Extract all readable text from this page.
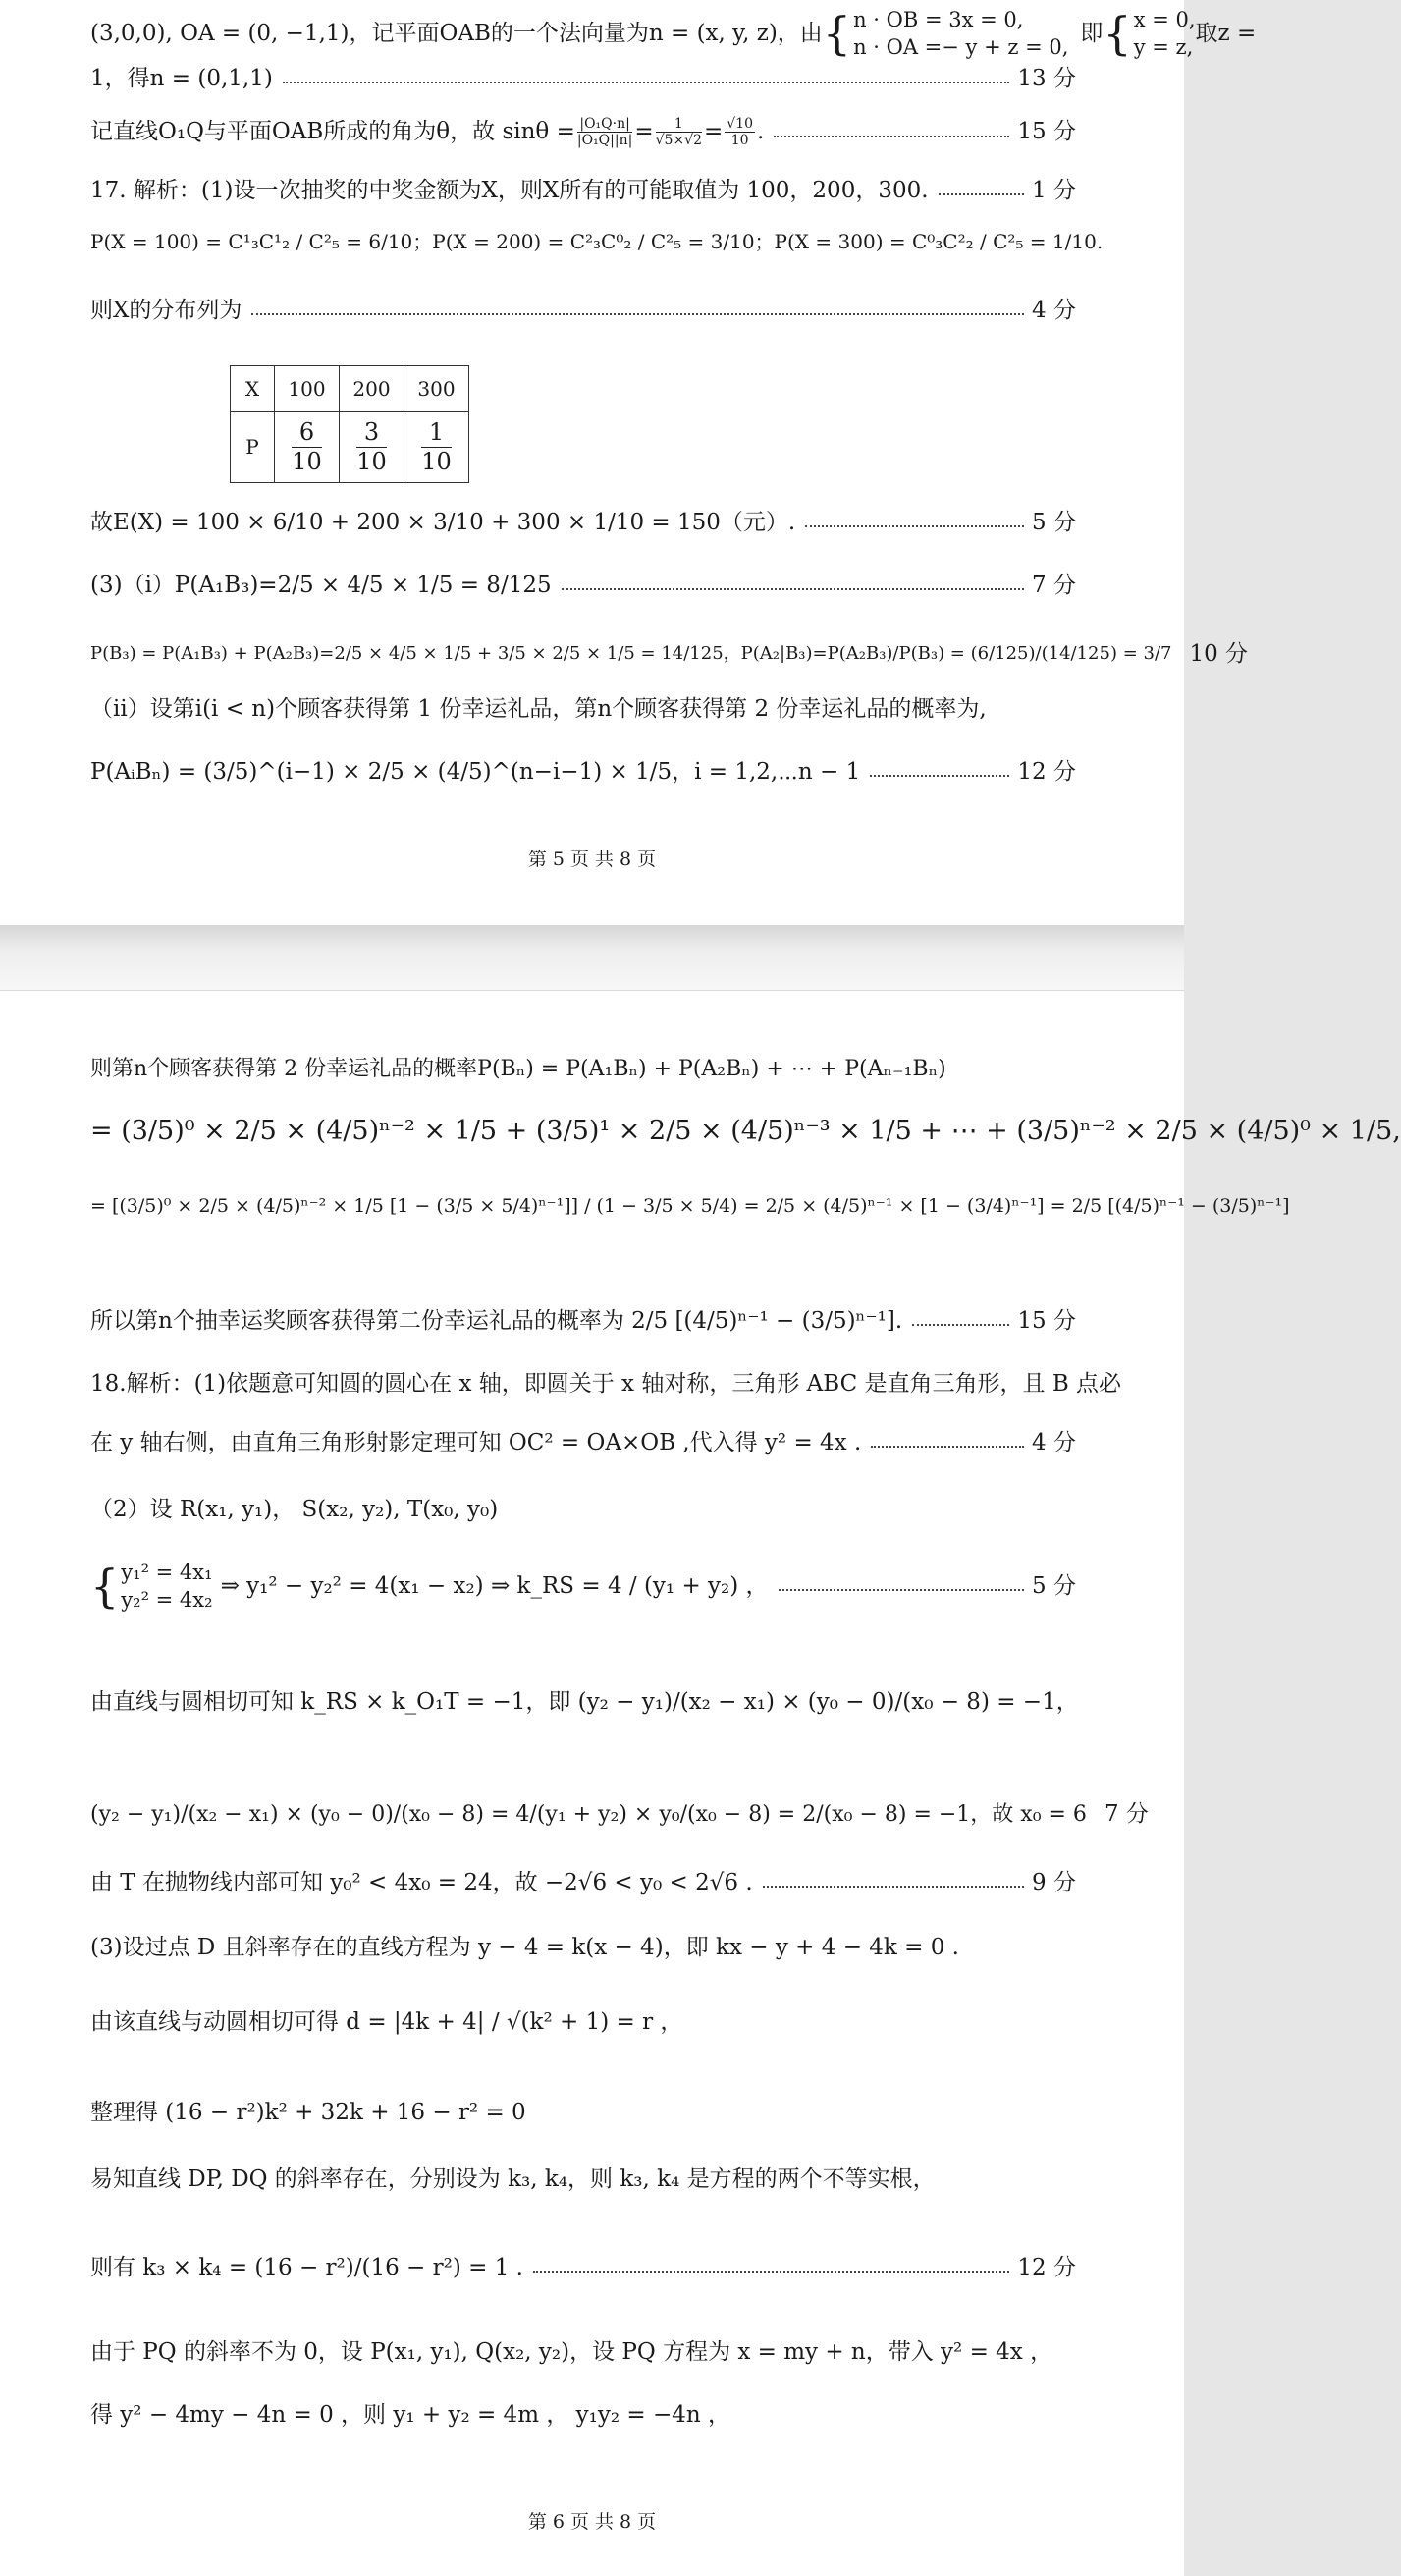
(3,0,0), OA = (0, −1,1)，记平面OAB的一个法向量为n = (x, y, z)，由 { n · OB = 3x = 0,
n · OA =− y + z = 0,
即 { x = 0,
y = z,
取z =
1，得n = (0,1,1)	13 分
记直线O₁Q与平面OAB所成的角为θ，故 $\sin\theta = \frac{\text{|O₁Q·n|}}{\text{|O₁Q||n|}} = \frac{1}{√5\times√2} = \frac{√10}{10}$ .	15 分
17. 解析：(1)设一次抽奖的中奖金额为X，则X所有的可能取值为 100，200，300.	1 分
P(X = 100) = C¹₃C¹₂ / C²₅ = 6/10；P(X = 200) = C²₃C⁰₂ / C²₅ = 3/10；P(X = 300) = C⁰₃C²₂ / C²₅ = 1/10.
则X的分布列为	4 分
X	100	200	300
P	$\frac{6}{10}$	$\frac{3}{10}$	$\frac{1}{10}$
故E(X) = 100 × 6/10 + 200 × 3/10 + 300 × 1/10 = 150（元）.	5 分
(3)（ⅰ）P(A₁B₃)=2/5 × 4/5 × 1/5 = 8/125	7 分
P(B₃) = P(A₁B₃) + P(A₂B₃)=2/5 × 4/5 × 1/5 + 3/5 × 2/5 × 1/5 = 14/125，P(A₂|B₃)=P(A₂B₃)/P(B₃) = (6/125)/(14/125) = 3/7 10 分
（ⅱ）设第i(i < n)个顾客获得第 1 份幸运礼品，第n个顾客获得第 2 份幸运礼品的概率为,
P(AᵢBₙ) = (3/5)^(i−1) × 2/5 × (4/5)^(n−i−1) × 1/5，i = 1,2,⋯n − 1	12 分
第 5 页 共 8 页
则第n个顾客获得第 2 份幸运礼品的概率P(Bₙ) = P(A₁Bₙ) + P(A₂Bₙ) + ⋯ + P(Aₙ₋₁Bₙ)
= (3/5)⁰ × 2/5 × (4/5)ⁿ⁻² × 1/5 + (3/5)¹ × 2/5 × (4/5)ⁿ⁻³ × 1/5 + ⋯ + (3/5)ⁿ⁻² × 2/5 × (4/5)⁰ × 1/5,
= [(3/5)⁰ × 2/5 × (4/5)ⁿ⁻² × 1/5 [1 − (3/5 × 5/4)ⁿ⁻¹]] / (1 − 3/5 × 5/4) = 2/5 × (4/5)ⁿ⁻¹ × [1 − (3/4)ⁿ⁻¹] = 2/5 [(4/5)ⁿ⁻¹ − (3/5)ⁿ⁻¹]
所以第n个抽幸运奖顾客获得第二份幸运礼品的概率为 2/5 [(4/5)ⁿ⁻¹ − (3/5)ⁿ⁻¹].	15 分
18.解析：(1)依题意可知圆的圆心在 x 轴，即圆关于 x 轴对称，三角形 ABC 是直角三角形，且 B 点必
在 y 轴右侧，由直角三角形射影定理可知 OC² = OA×OB ,代入得 y² = 4x .	4 分
（2）设 R(x₁, y₁)， S(x₂, y₂), T(x₀, y₀)
{ y₁² = 4x₁
y₂² = 4x₂
⇒ y₁² − y₂² = 4(x₁ − x₂) ⇒ k_RS = 4 / (y₁ + y₂) ，	5 分
由直线与圆相切可知 k_RS × k_O₁T = −1，即 (y₂ − y₁)/(x₂ − x₁) × (y₀ − 0)/(x₀ − 8) = −1，
(y₂ − y₁)/(x₂ − x₁) × (y₀ − 0)/(x₀ − 8) = 4/(y₁ + y₂) × y₀/(x₀ − 8) = 2/(x₀ − 8) = −1，故 x₀ = 6 7 分
由 T 在抛物线内部可知 y₀² < 4x₀ = 24，故 −2√6 < y₀ < 2√6 .	9 分
(3)设过点 D 且斜率存在的直线方程为 y − 4 = k(x − 4)，即 kx − y + 4 − 4k = 0 .
由该直线与动圆相切可得 d = |4k + 4| / √(k² + 1) = r ，
整理得 (16 − r²)k² + 32k + 16 − r² = 0
易知直线 DP, DQ 的斜率存在，分别设为 k₃, k₄，则 k₃, k₄ 是方程的两个不等实根，
则有 k₃ × k₄ = (16 − r²)/(16 − r²) = 1 .	12 分
由于 PQ 的斜率不为 0，设 P(x₁, y₁), Q(x₂, y₂)，设 PQ 方程为 x = my + n，带入 y² = 4x ，
得 y² − 4my − 4n = 0 ，则 y₁ + y₂ = 4m ， y₁y₂ = −4n ，
第 6 页 共 8 页
